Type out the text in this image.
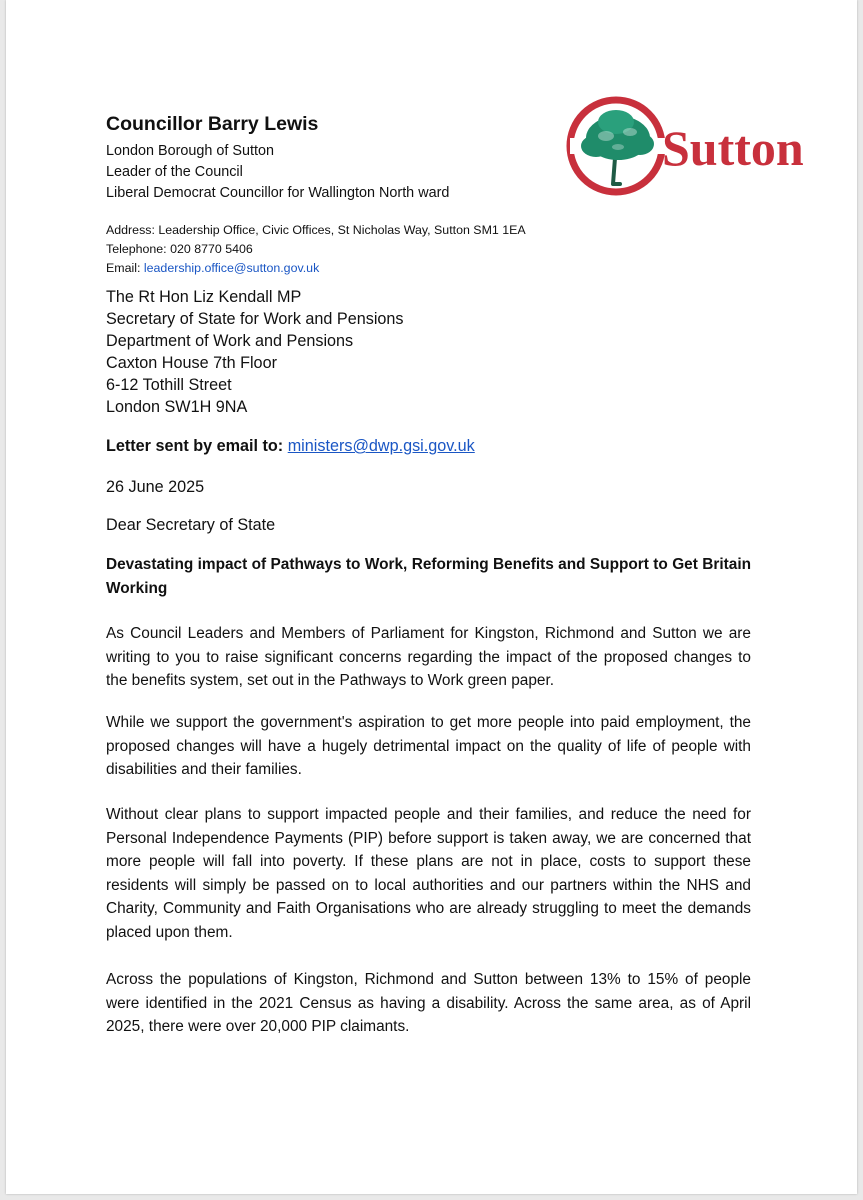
Councillor Barry Lewis
London Borough of Sutton
Leader of the Council
Liberal Democrat Councillor for Wallington North ward
Sutton
Address: Leadership Office, Civic Offices, St Nicholas Way, Sutton SM1 1EA
Telephone: 020 8770 5406
Email: leadership.office@sutton.gov.uk
The Rt Hon Liz Kendall MP
Secretary of State for Work and Pensions
Department of Work and Pensions
Caxton House 7th Floor
6-12 Tothill Street
London SW1H 9NA
Letter sent by email to: ministers@dwp.gsi.gov.uk
26 June 2025
Dear Secretary of State
Devastating impact of Pathways to Work, Reforming Benefits and Support to Get Britain Working

As Council Leaders and Members of Parliament for Kingston, Richmond and Sutton we are writing to you to raise significant concerns regarding the impact of the proposed changes to the benefits system, set out in the Pathways to Work green paper.

While we support the government's aspiration to get more people into paid employment, the proposed changes will have a hugely detrimental impact on the quality of life of people with disabilities and their families.

Without clear plans to support impacted people and their families, and reduce the need for Personal Independence Payments (PIP) before support is taken away, we are concerned that more people will fall into poverty. If these plans are not in place, costs to support these residents will simply be passed on to local authorities and our partners within the NHS and Charity, Community and Faith Organisations who are already struggling to meet the demands placed upon them.

Across the populations of Kingston, Richmond and Sutton between 13% to 15% of people were identified in the 2021 Census as having a disability. Across the same area, as of April 2025, there were over 20,000 PIP claimants.
